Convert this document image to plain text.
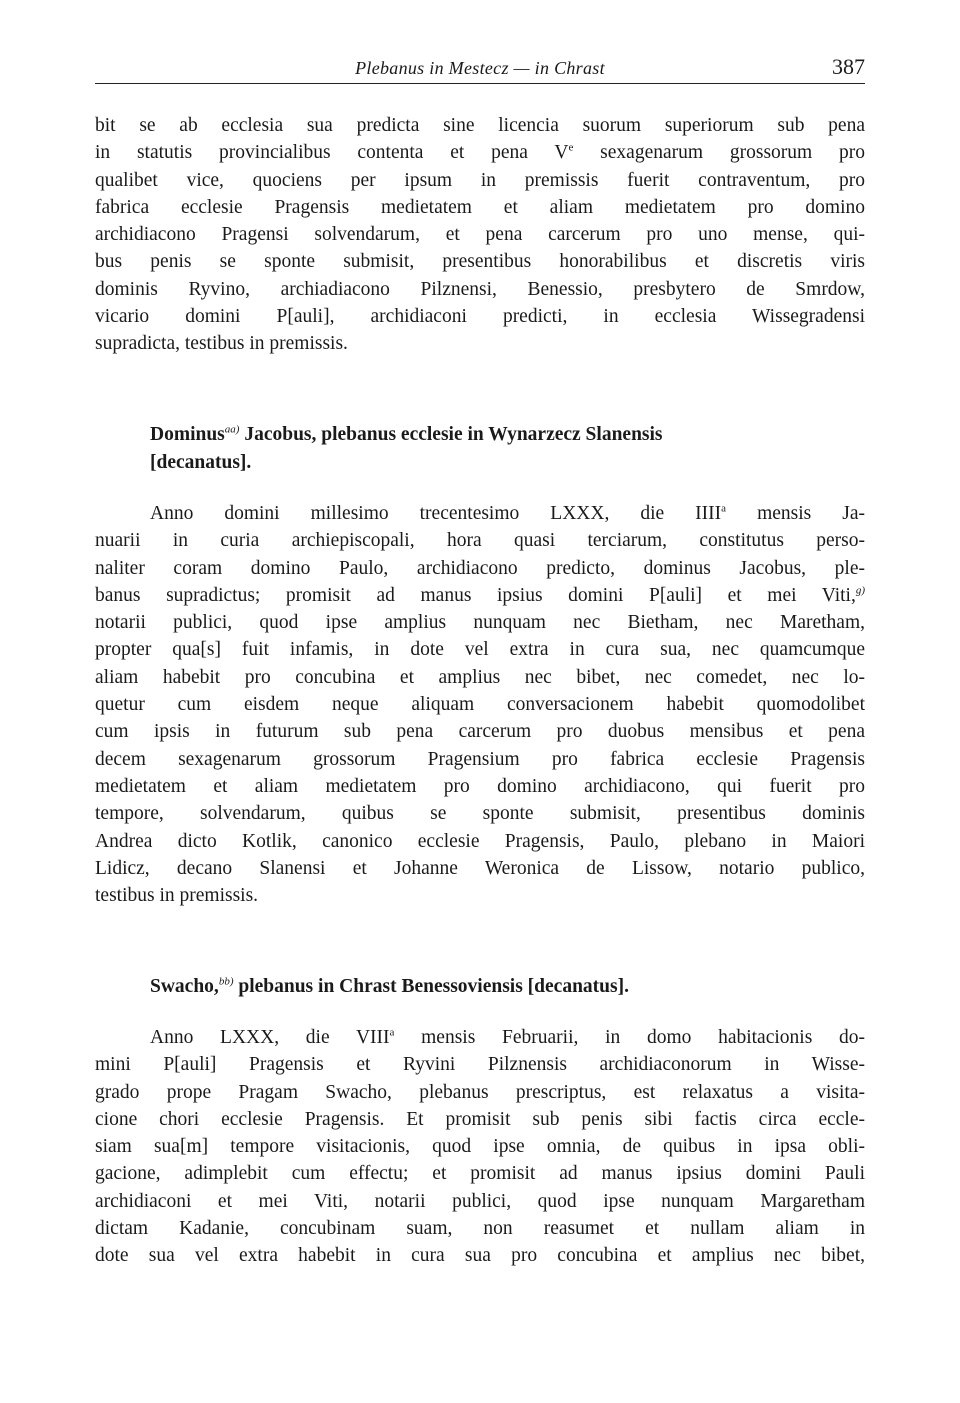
Plebanus in Mestecz — in Chrast	387
bit se ab ecclesia sua predicta sine licencia suorum superiorum sub pena
in statutis provincialibus contenta et pena Ve sexagenarum grossorum pro
qualibet vice, quociens per ipsum in premissis fuerit contraventum, pro
fabrica ecclesie Pragensis medietatem et aliam medietatem pro domino
archidiacono Pragensi solvendarum, et pena carcerum pro uno mense, qui-
bus penis se sponte submisit, presentibus honorabilibus et discretis viris
dominis Ryvino, archiadiacono Pilznensi, Benessio, presbytero de Smrdow,
vicario domini P[auli], archidiaconi predicti, in ecclesia Wissegradensi
supradicta, testibus in premissis.
Dominus$^{aa)}$ Jacobus, plebanus ecclesie in Wynarzecz Slanensis
[decanatus].
Anno domini millesimo trecentesimo LXXX, die IIII$^a$ mensis Ja-
nuarii in curia archiepiscopali, hora quasi terciarum, constitutus perso-
naliter coram domino Paulo, archidiacono predicto, dominus Jacobus, ple-
banus supradictus; promisit ad manus ipsius domini P[auli] et mei Viti,$^{g)}$
notarii publici, quod ipse amplius nunquam nec Bietham, nec Maretham,
propter qua[s] fuit infamis, in dote vel extra in cura sua, nec quamcumque
aliam habebit pro concubina et amplius nec bibet, nec comedet, nec lo-
quetur cum eisdem neque aliquam conversacionem habebit quomodolibet
cum ipsis in futurum sub pena carcerum pro duobus mensibus et pena
decem sexagenarum grossorum Pragensium pro fabrica ecclesie Pragensis
medietatem et aliam medietatem pro domino archidiacono, qui fuerit pro
tempore, solvendarum, quibus se sponte submisit, presentibus dominis
Andrea dicto Kotlik, canonico ecclesie Pragensis, Paulo, plebano in Maiori
Lidicz, decano Slanensi et Johanne Weronica de Lissow, notario publico,
testibus in premissis.
Swacho,$^{bb)}$ plebanus in Chrast Benessoviensis [decanatus].
Anno LXXX, die VIII$^a$ mensis Februarii, in domo habitacionis do-
mini P[auli] Pragensis et Ryvini Pilznensis archidiaconorum in Wisse-
grado prope Pragam Swacho, plebanus prescriptus, est relaxatus a visita-
cione chori ecclesie Pragensis. Et promisit sub penis sibi factis circa eccle-
siam sua[m] tempore visitacionis, quod ipse omnia, de quibus in ipsa obli-
gacione, adimplebit cum effectu; et promisit ad manus ipsius domini Pauli
archidiaconi et mei Viti, notarii publici, quod ipse nunquam Margaretham
dictam Kadanie, concubinam suam, non reasumet et nullam aliam in
dote sua vel extra habebit in cura sua pro concubina et amplius nec bibet,
